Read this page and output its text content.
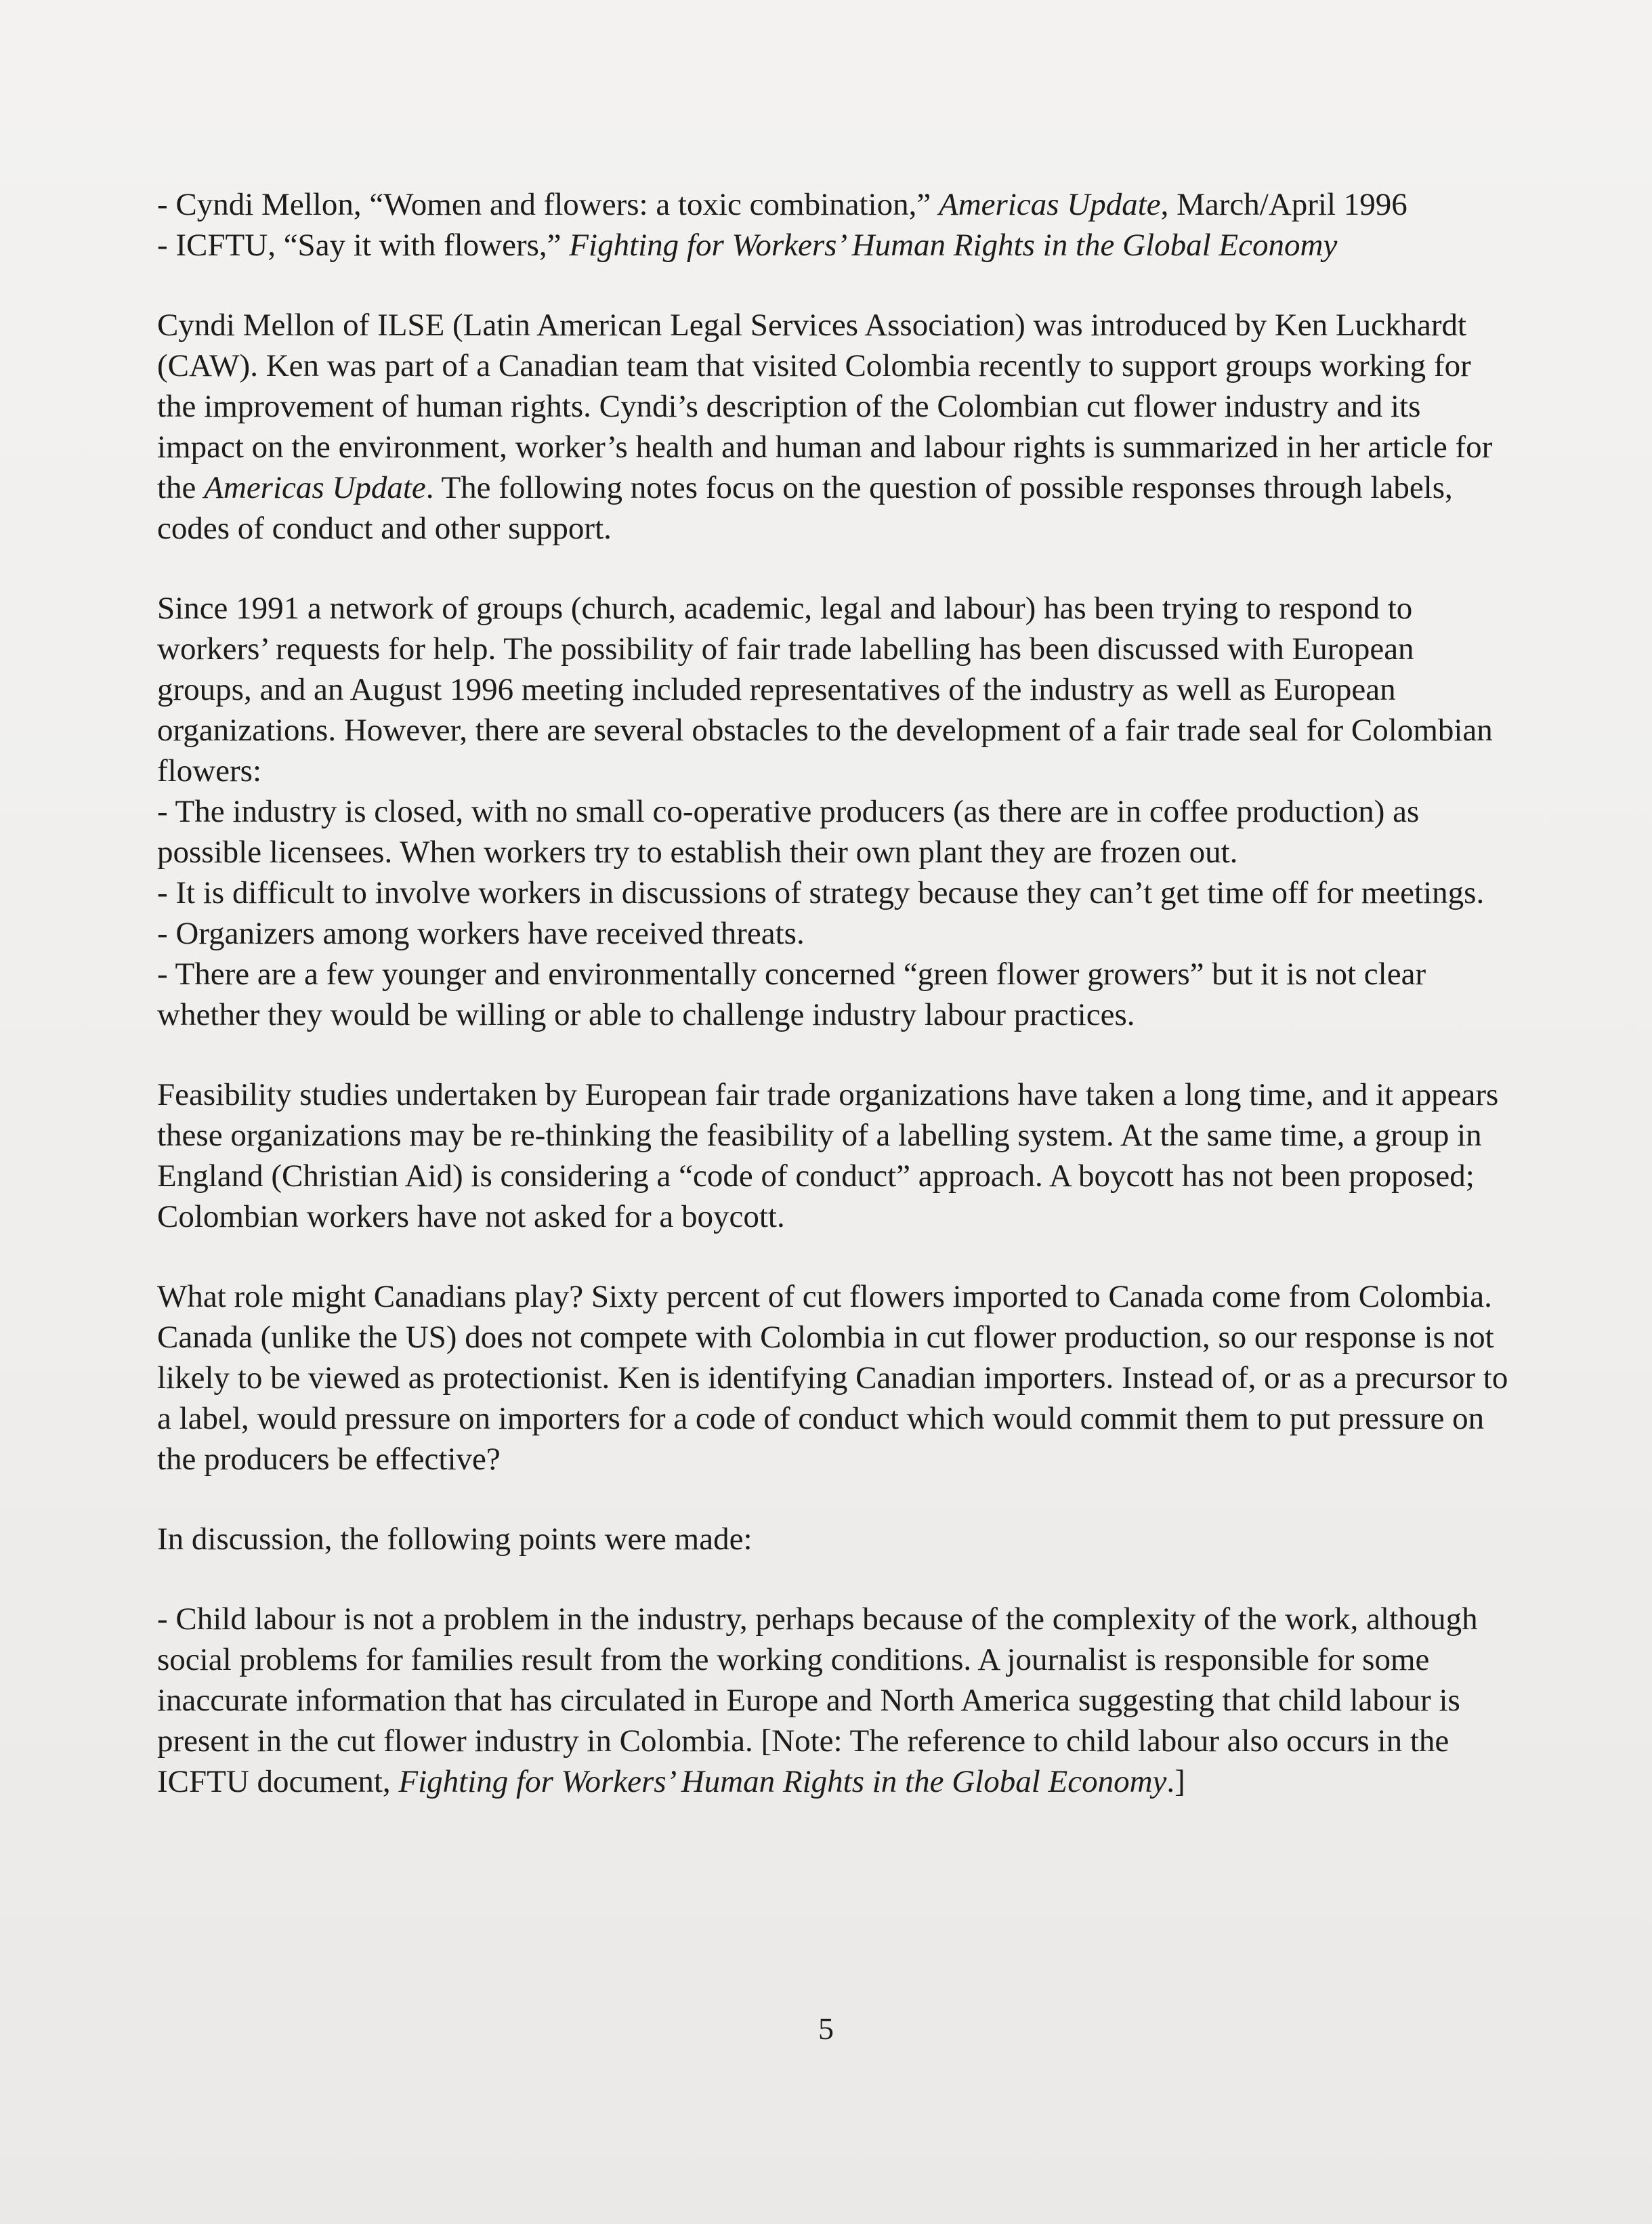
- Cyndi Mellon, “Women and flowers: a toxic combination,” Americas Update, March/April 1996

- ICFTU, “Say it with flowers,” Fighting for Workers’ Human Rights in the Global Economy

Cyndi Mellon of ILSE (Latin American Legal Services Association) was introduced by Ken Luckhardt (CAW). Ken was part of a Canadian team that visited Colombia recently to support groups working for the improvement of human rights. Cyndi’s description of the Colombian cut flower industry and its impact on the environment, worker’s health and human and labour rights is summarized in her article for the Americas Update. The following notes focus on the question of possible responses through labels, codes of conduct and other support.

Since 1991 a network of groups (church, academic, legal and labour) has been trying to respond to workers’ requests for help. The possibility of fair trade labelling has been discussed with European groups, and an August 1996 meeting included representatives of the industry as well as European organizations. However, there are several obstacles to the development of a fair trade seal for Colombian flowers:
- The industry is closed, with no small co-operative producers (as there are in coffee production) as possible licensees. When workers try to establish their own plant they are frozen out.
- It is difficult to involve workers in discussions of strategy because they can’t get time off for meetings.
- Organizers among workers have received threats.
- There are a few younger and environmentally concerned “green flower growers” but it is not clear whether they would be willing or able to challenge industry labour practices.

Feasibility studies undertaken by European fair trade organizations have taken a long time, and it appears these organizations may be re-thinking the feasibility of a labelling system. At the same time, a group in England (Christian Aid) is considering a “code of conduct” approach. A boycott has not been proposed; Colombian workers have not asked for a boycott.

What role might Canadians play? Sixty percent of cut flowers imported to Canada come from Colombia. Canada (unlike the US) does not compete with Colombia in cut flower production, so our response is not likely to be viewed as protectionist. Ken is identifying Canadian importers. Instead of, or as a precursor to a label, would pressure on importers for a code of conduct which would commit them to put pressure on the producers be effective?

In discussion, the following points were made:

- Child labour is not a problem in the industry, perhaps because of the complexity of the work, although social problems for families result from the working conditions. A journalist is responsible for some inaccurate information that has circulated in Europe and North America suggesting that child labour is present in the cut flower industry in Colombia. [Note: The reference to child labour also occurs in the ICFTU document, Fighting for Workers’ Human Rights in the Global Economy.]

5
